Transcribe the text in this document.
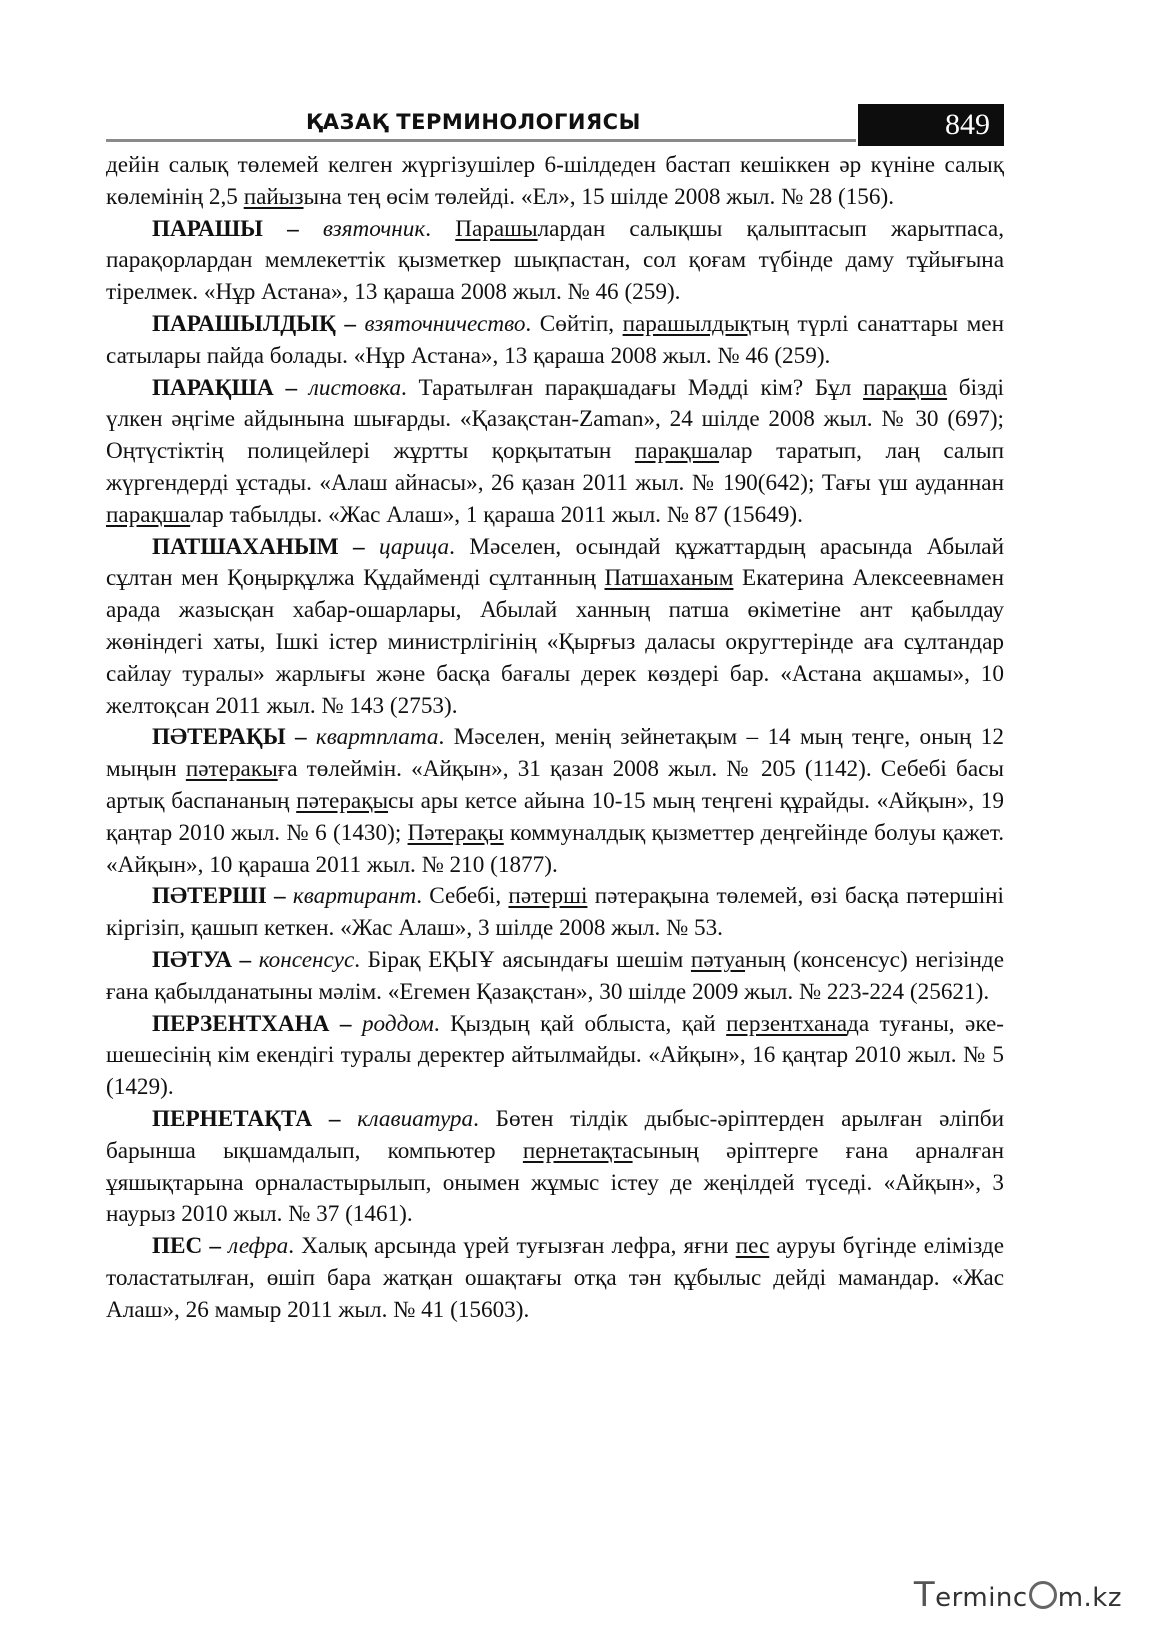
ҚАЗАҚ ТЕРМИНОЛОГИЯСЫ	849

дейін салық төлемей келген жүргізушілер 6-шілдеден бастап кешіккен әр күніне салық көлемінің 2,5 пайызына тең өсім төлейді. «Ел», 15 шілде 2008 жыл. № 28 (156).

ПАРАШЫ – взяточник. Парашылардан салықшы қалыптасып жарытпаса, парақорлардан мемлекеттік қызметкер шықпастан, сол қоғам түбінде даму тұйығына тірелмек. «Нұр Астана», 13 қараша 2008 жыл. № 46 (259).

ПАРАШЫЛДЫҚ – взяточничество. Сөйтіп, парашылдықтың түрлі санаттары мен сатылары пайда болады. «Нұр Астана», 13 қараша 2008 жыл. № 46 (259).

ПАРАҚША – листовка. Таратылған парақшадағы Мәдді кім? Бұл парақша бізді үлкен әңгіме айдынына шығарды. «Қазақстан-Zaman», 24 шілде 2008 жыл. № 30 (697); Оңтүстіктің полицейлері жұртты қорқытатын парақшалар таратып, лаң салып жүргендерді ұстады. «Алаш айнасы», 26 қазан 2011 жыл. № 190(642); Тағы үш ауданнан парақшалар табылды. «Жас Алаш», 1 қараша 2011 жыл. № 87 (15649).

ПАТШАХАНЫМ – царица. Мәселен, осындай құжаттардың арасында Абылай сұлтан мен Қоңырқұлжа Құдайменді сұлтанның Патшаханым Екатерина Алексеевнамен арада жазысқан хабар-ошарлары, Абылай ханның патша өкіметіне ант қабылдау жөніндегі хаты, Ішкі істер министрлігінің «Қырғыз даласы округтерінде аға сұлтандар сайлау туралы» жарлығы және басқа бағалы дерек көздері бар. «Астана ақшамы», 10 желтоқсан 2011 жыл. № 143 (2753).

ПӘТЕРАҚЫ – квартплата. Мәселен, менің зейнетақым – 14 мың теңге, оның 12 мыңын пәтеракыға төлеймін. «Айқын», 31 қазан 2008 жыл. № 205 (1142). Себебі басы артық баспананың пәтерақысы ары кетсе айына 10-15 мың теңгені құрайды. «Айқын», 19 қаңтар 2010 жыл. № 6 (1430); Пәтерақы коммуналдық қызметтер деңгейінде болуы қажет. «Айқын», 10 қараша 2011 жыл. № 210 (1877).

ПӘТЕРШІ – квартирант. Себебі, пәтерші пәтерақына төлемей, өзі басқа пәтершіні кіргізіп, қашып кеткен. «Жас Алаш», 3 шілде 2008 жыл. № 53.

ПӘТУА – консенсус. Бірақ ЕҚЫҰ аясындағы шешім пәтуаның (консенсус) негізінде ғана қабылданатыны мәлім. «Егемен Қазақстан», 30 шілде 2009 жыл. № 223-224 (25621).

ПЕРЗЕНТХАНА – роддом. Қыздың қай облыста, қай перзентханада туғаны, әке-шешесінің кім екендігі туралы деректер айтылмайды. «Айқын», 16 қаңтар 2010 жыл. № 5 (1429).

ПЕРНЕТАҚТА – клавиатура. Бөтен тілдік дыбыс-әріптерден арылған әліпби барынша ықшамдалып, компьютер пернетақтасының әріптерге ғана арналған ұяшықтарына орналастырылып, онымен жұмыс істеу де жеңілдей түседі. «Айқын», 3 наурыз 2010 жыл. № 37 (1461).

ПЕС – лефра. Халық арсында үрей туғызған лефра, яғни пес ауруы бүгінде елімізде толастатылған, өшіп бара жатқан ошақтағы отқа тән құбылыс дейді мамандар. «Жас Алаш», 26 мамыр 2011 жыл. № 41 (15603).

Terminc m.kz
